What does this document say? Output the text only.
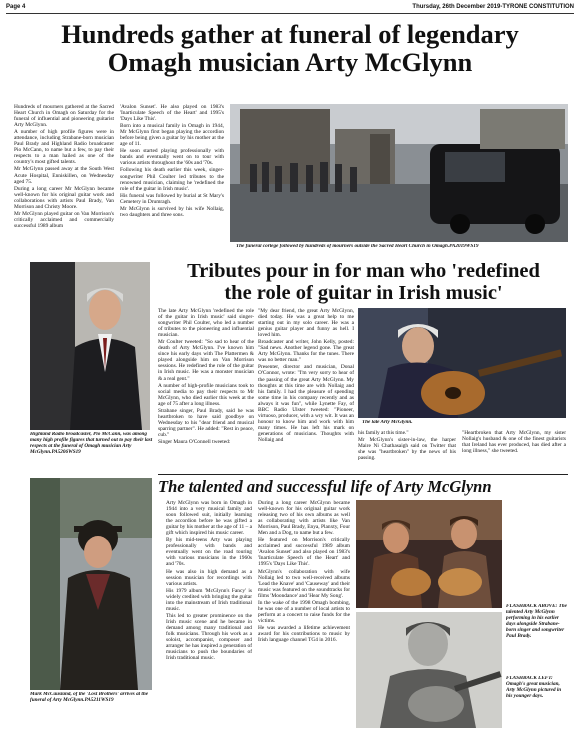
Page 4	Thursday, 26th December 2019-TYRONE CONSTITUTION
Hundreds gather at funeral of legendary
Omagh musician Arty McGlynn

Hundreds of mourners gathered at the Sacred Heart Church in Omagh on Saturday for the funeral of influential and pioneering guitarist Arty McGlynn.

A number of high profile figures were in attendance, including Strabane-born musician Paul Brady and Highland Radio broadcaster Pio McCann, to name but a few, to pay their respects to a man hailed as one of the country's most gifted talents.

Mr McGlynn passed away at the South West Acute Hospital, Enniskillen, on Wednesday aged 75.

During a long career Mr McGlynn became well-known for his original guitar work and collaborations with artists Paul Brady, Van Morrison and Christy Moore.

Mr McGlynn played guitar on Van Morrison's critically acclaimed and commercially successful 1989 album

'Avalon Sunset'. He also played on 1983's 'Inarticulate Speech of the Heart' and 1995's 'Days Like This'.

Born into a musical family in Omagh in 1944, Mr McGlynn first began playing the accordion before being given a guitar by his mother at the age of 11.

He soon started playing professionally with bands and eventually went on to tour with various artists throughout the '60s and '70s.

Following his death earlier this week, singer-songwriter Phil Coulter led tributes to the renowned musician, claiming he 'redefined the role of the guitar in Irish music'.

His funeral was followed by burial at St Mary's Cemetery in Drumragh.

Mr McGlynn is survived by his wife Nollaig, two daughters and three sons.

The funeral cortege followed by hundreds of mourners outside the Sacred Heart Church in Omagh.PA2019WS19
Tributes pour in for man who 'redefined
the role of guitar in Irish music'
Highland Radio broadcaster, Pio McCann, was among many high profile figures that turned out to pay their last respects at the funeral of Omagh musician Arty McGlynn.PA5206WS19

The late Arty McGlynn 'redefined the role of the guitar in Irish music' said singer-songwriter Phil Coulter, who led a number of tributes to the pioneering and influential musician.

Mr Coulter tweeted: "So sad to hear of the death of Arty McGlynn. I've known him since his early days with The Plattermen & played alongside him on Van Morrison sessions. He redefined the role of the guitar in Irish music. He was a monster musician & a real gent."

A number of high-profile musicians took to social media to pay their respects to Mr McGlynn, who died earlier this week at the age of 75 after a long illness.

Strabane singer, Paul Brady, said he was heartbroken to have said goodbye on Wednesday to his "dear friend and musical sparring partner". He added: "Rest in peace, cub."

Singer Maura O'Connell tweeted:

"My dear friend, the great Arty McGlynn, died today. He was a great help to me starting out in my solo career. He was a genius guitar player and funny as hell. I loved him.

Broadcaster and writer, John Kelly, posted: "Sad news. Another legend gone. The great Arty McGlynn. Thanks for the tunes. There was no better man."

Presenter, director and musician, Donal O'Connor, wrote: "I'm very sorry to hear of the passing of the great Arty McGlynn. My thoughts at this time are with Nollaig and his family. I had the pleasure of spending some time in his company recently and as always it was fun", while Lynette Fay, of BBC Radio Ulster tweeted: "Pioneer, virtuoso, producer, with a wry wit. It was an honour to know him and work with him many times. He has left his mark on generations of musicians. Thoughts with Nollaig and

The late Arty McGlynn.

his family at this time."

Mr McGlynn's sister-in-law, the harper Maire Ni Chathasaigh said on Twitter that she was "heartbroken" by the news of his passing.

"Heartbroken that Arty McGlynn, my sister Nollaig's husband & one of the finest guitarists that Ireland has ever produced, has died after a long illness," she tweeted.

The talented and successful life of Arty McGlynn
Mark McCausland, of the 'Lost Brothers' arrives at the funeral of Arty McGlynn.PA5211WS19

Arty McGlynn was born in Omagh in 1944 into a very musical family and soon followed suit, initially learning the accordion before he was gifted a guitar by his mother at the age of 11 – a gift which inspired his music career.

By his mid-teens Arty was playing professionally with bands and eventually went on the road touring with various musicians in the 1960s and '70s.

He was also in high demand as a session musician for recordings with various artists.

His 1979 album 'McGlynn's Fancy' is widely credited with bringing the guitar into the mainstream of Irish traditional music.

This led to greater prominence on the Irish music scene and he became in demand among many traditional and folk musicians. Through his work as a soloist, accompanist, composer and arranger he has inspired a generation of musicians to push the boundaries of Irish traditional music.

During a long career McGlynn became well-known for his original guitar work releasing two of his own albums as well as collaborating with artists like Van Morrison, Paul Brady, Enya, Planxty, Four Men and a Dog, to name but a few.

He featured on Morrison's critically acclaimed and successful 1989 album 'Avalon Sunset' and also played on 1983's 'Inarticulate Speech of the Heart' and 1995's 'Days Like This'.

McGlynn's collaboration with wife Nollaig led to two well-received albums 'Lead the Knave' and 'Causeway' and their music was featured on the soundtracks for films 'Moondance' and 'Hear My Song'.

In the wake of the 1998 Omagh bombing, he was one of a number of local artists to perform at a concert to raise funds for the victims.

He was awarded a lifetime achievement award for his contributions to music by Irish language channel TG4 in 2016.

FLASHBACK ABOVE: The talented Arty McGlynn performing in his earlier days alongside Strabane-born singer and songwriter Paul Brady.
FLASHBACK LEFT: Omagh's great musician, Arty McGlynn pictured in his younger days.
